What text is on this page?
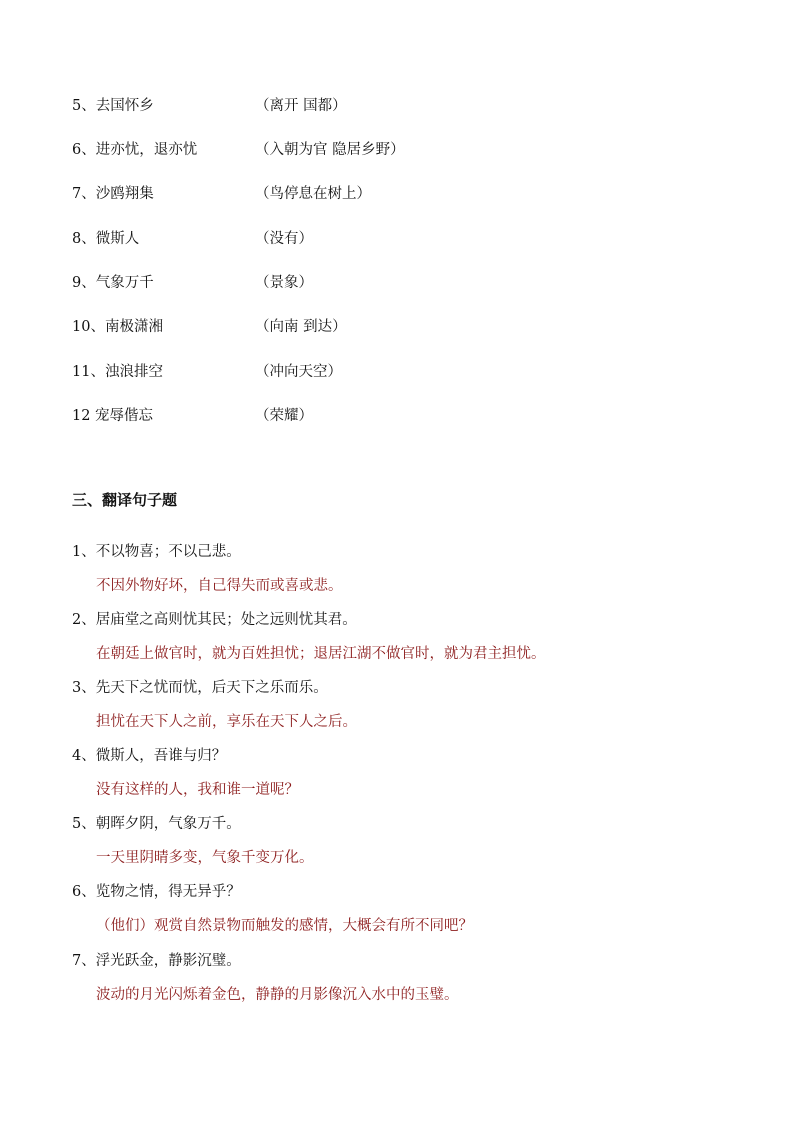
5、去国怀乡	（离开 国都）
6、进亦忧，退亦忧	（入朝为官 隐居乡野）
7、沙鸥翔集	（鸟停息在树上）
8、微斯人	（没有）
9、气象万千	（景象）
10、南极潇湘	（向南 到达）
11、浊浪排空	（冲向天空）
12 宠辱偕忘	（荣耀）
三、翻译句子题
1、不以物喜；不以己悲。
不因外物好坏，自己得失而或喜或悲。
2、居庙堂之高则忧其民；处之远则忧其君。
在朝廷上做官时，就为百姓担忧；退居江湖不做官时，就为君主担忧。
3、先天下之忧而忧，后天下之乐而乐。
担忧在天下人之前，享乐在天下人之后。
4、微斯人，吾谁与归？
没有这样的人，我和谁一道呢？
5、朝晖夕阴，气象万千。
一天里阴晴多变，气象千变万化。
6、览物之情，得无异乎？
（他们）观赏自然景物而触发的感情，大概会有所不同吧？
7、浮光跃金，静影沉璧。
波动的月光闪烁着金色，静静的月影像沉入水中的玉璧。
